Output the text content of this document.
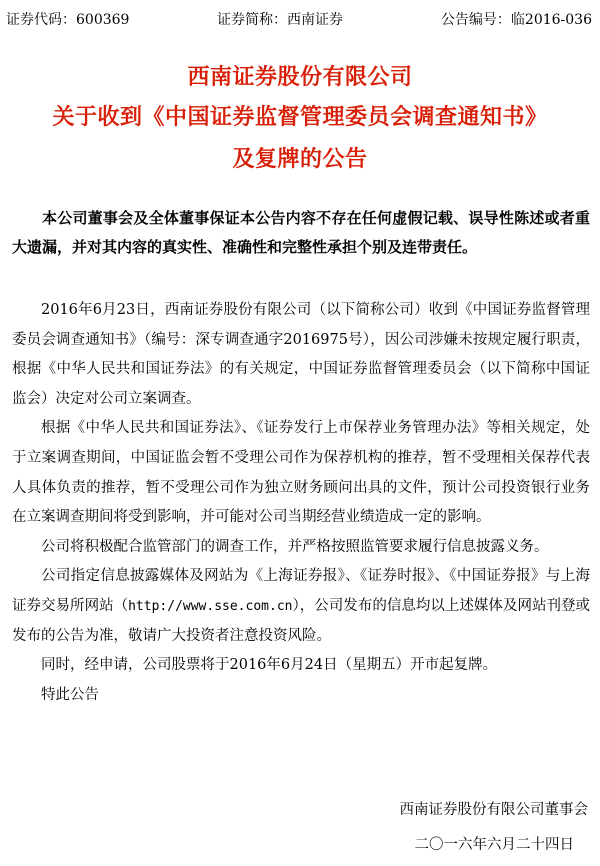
证券代码：600369	证券简称：西南证券	公告编号：临2016-036
西南证券股份有限公司
关于收到《中国证券监督管理委员会调查通知书》
及复牌的公告
本公司董事会及全体董事保证本公告内容不存在任何虚假记载、误导性陈述或者重大遗漏，并对其内容的真实性、准确性和完整性承担个别及连带责任。

2016年6月23日，西南证券股份有限公司（以下简称公司）收到《中国证券监督管理委员会调查通知书》（编号：深专调查通字2016975号），因公司涉嫌未按规定履行职责，根据《中华人民共和国证券法》的有关规定，中国证券监督管理委员会（以下简称中国证监会）决定对公司立案调查。

根据《中华人民共和国证券法》、《证券发行上市保荐业务管理办法》等相关规定，处于立案调查期间，中国证监会暂不受理公司作为保荐机构的推荐，暂不受理相关保荐代表人具体负责的推荐，暂不受理公司作为独立财务顾问出具的文件，预计公司投资银行业务在立案调查期间将受到影响，并可能对公司当期经营业绩造成一定的影响。

公司将积极配合监管部门的调查工作，并严格按照监管要求履行信息披露义务。

公司指定信息披露媒体及网站为《上海证券报》、《证券时报》、《中国证券报》与上海证券交易所网站（http://www.sse.com.cn），公司发布的信息均以上述媒体及网站刊登或发布的公告为准，敬请广大投资者注意投资风险。

同时，经申请，公司股票将于2016年6月24日（星期五）开市起复牌。

特此公告

西南证券股份有限公司董事会
二〇一六年六月二十四日
